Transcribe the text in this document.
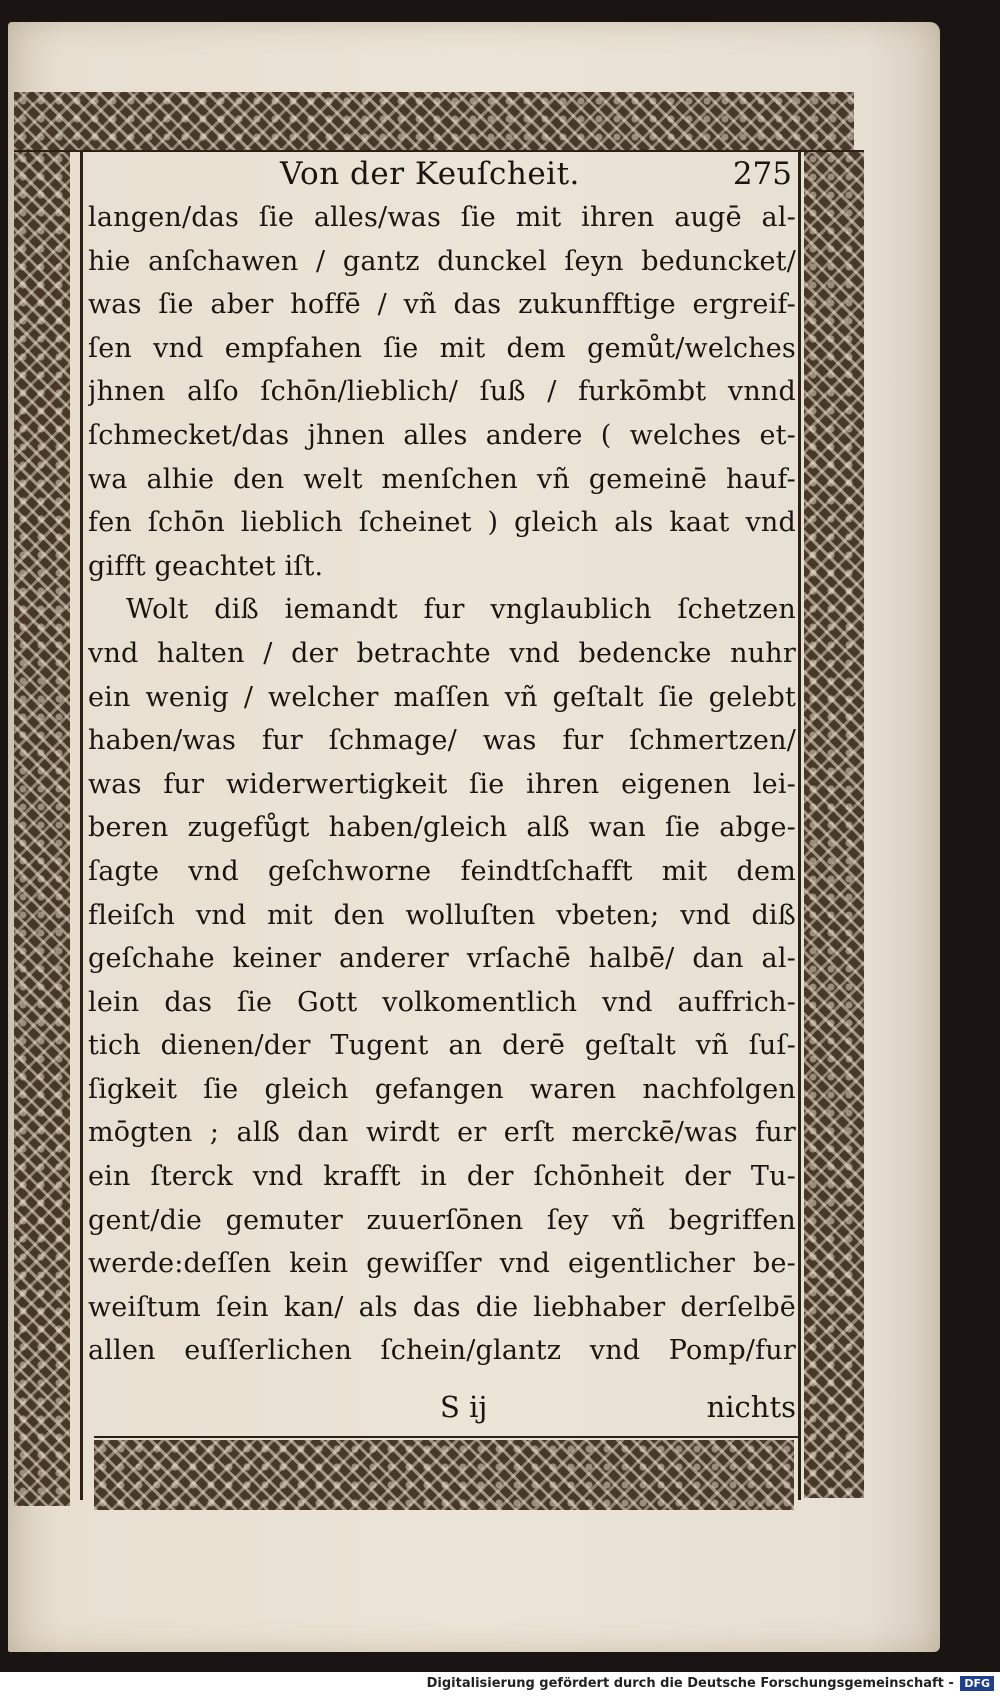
Von der Keuſcheit.	275
langen/das ſie alles/was ſie mit ihren augē al-
hie anſchawen / gantz dunckel ſeyn beduncket/
was ſie aber hoffē / vñ das zukunfftige ergreif-
ſen vnd empfahen ſie mit dem gemůt/welches
jhnen alſo ſchōn/lieblich/ ſuß / furkōmbt vnnd
ſchmecket/das jhnen alles andere ( welches et-
wa alhie den welt menſchen vñ gemeinē hauf-
fen ſchōn lieblich ſcheinet ) gleich als kaat vnd
gifft geachtet iſt.
Wolt diß iemandt fur vnglaublich ſchetzen
vnd halten / der betrachte vnd bedencke nuhr
ein wenig / welcher maſſen vñ geſtalt ſie gelebt
haben/was fur ſchmage/ was fur ſchmertzen/
was fur widerwertigkeit ſie ihren eigenen lei-
beren zugefůgt haben/gleich alß wan ſie abge-
ſagte vnd geſchworne feindtſchafft mit dem
fleiſch vnd mit den wolluſten vbeten; vnd diß
geſchahe keiner anderer vrſachē halbē/ dan al-
lein das ſie Gott volkomentlich vnd auffrich-
tich dienen/der Tugent an derē geſtalt vñ ſuſ-
ſigkeit ſie gleich gefangen waren nachfolgen
mōgten ; alß dan wirdt er erſt merckē/was fur
ein ſterck vnd krafft in der ſchōnheit der Tu-
gent/die gemuter zuuerſōnen ſey vñ begriffen
werde:deſſen kein gewiſſer vnd eigentlicher be-
weiſtum ſein kan/ als das die liebhaber derſelbē
allen euſſerlichen ſchein/glantz vnd Pomp/fur
S ij	nichts
Digitalisierung gefördert durch die Deutsche Forschungsgemeinschaft - DFG
